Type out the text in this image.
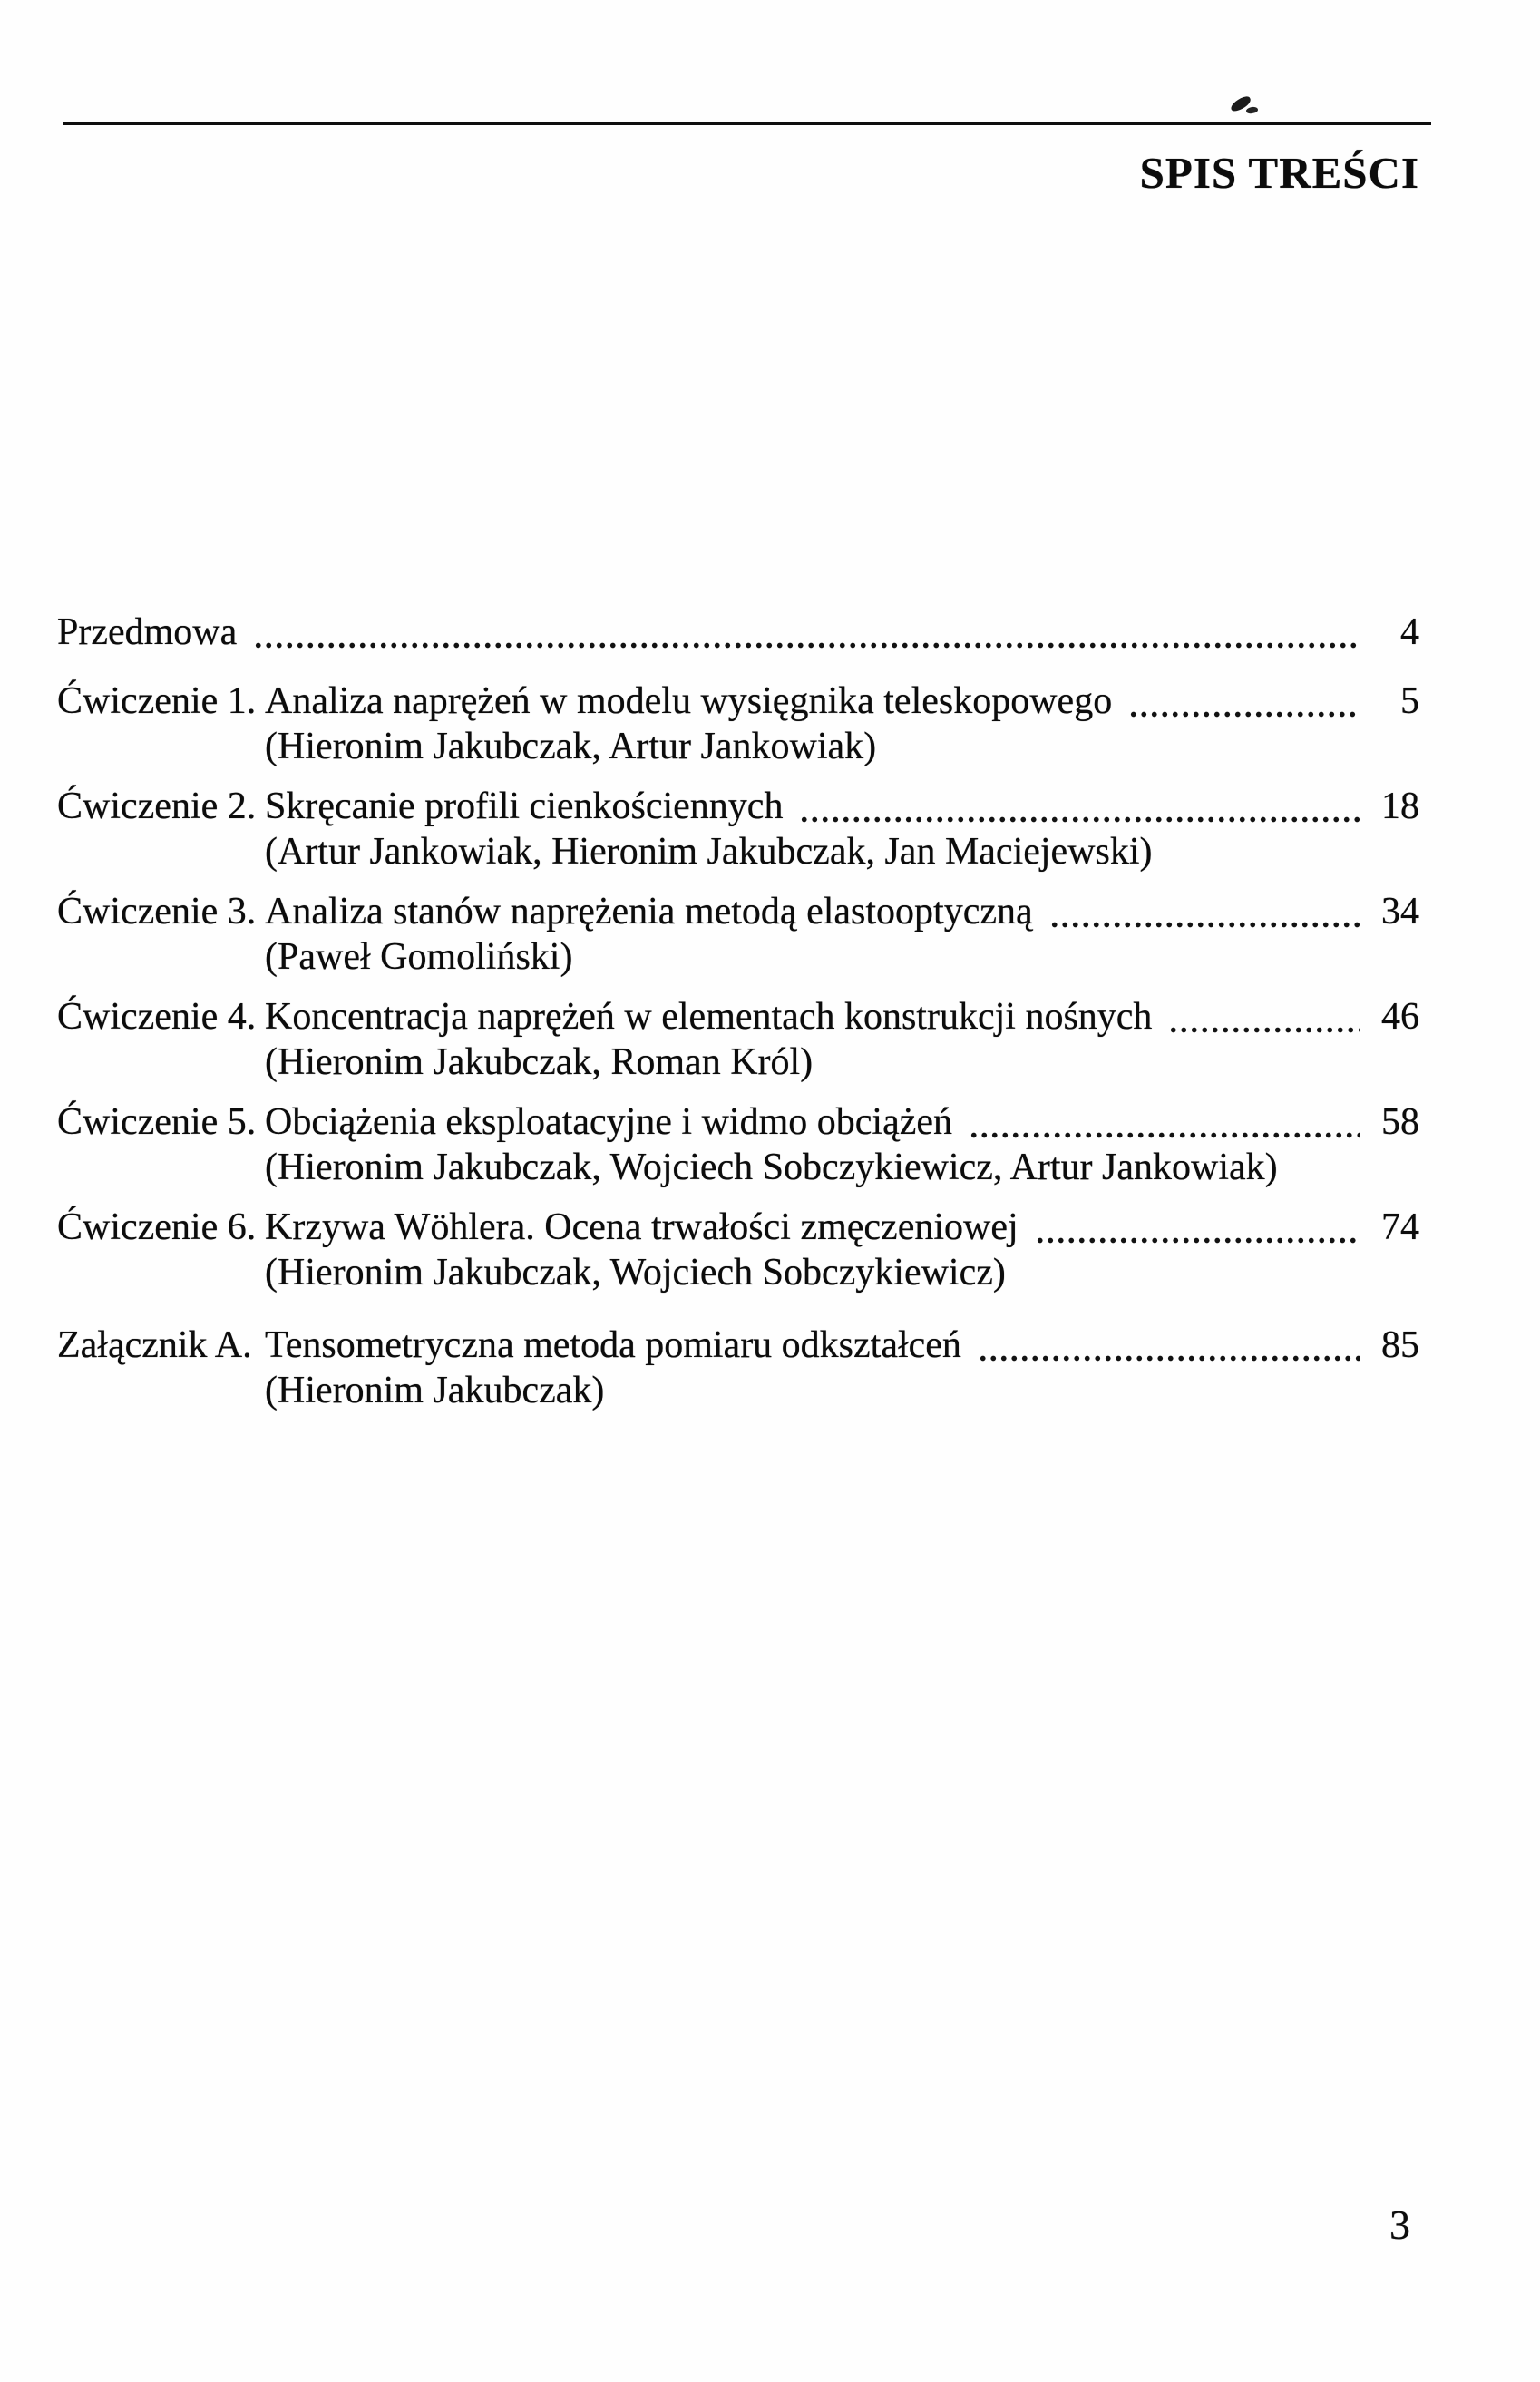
SPIS TREŚCI
Przedmowa	4
Ćwiczenie 1. Analiza naprężeń w modelu wysięgnika teleskopowego	5
(Hieronim Jakubczak, Artur Jankowiak)
Ćwiczenie 2. Skręcanie profili cienkościennych	18
(Artur Jankowiak, Hieronim Jakubczak, Jan Maciejewski)
Ćwiczenie 3. Analiza stanów naprężenia metodą elastooptyczną	34
(Paweł Gomoliński)
Ćwiczenie 4. Koncentracja naprężeń w elementach konstrukcji nośnych	46
(Hieronim Jakubczak, Roman Król)
Ćwiczenie 5. Obciążenia eksploatacyjne i widmo obciążeń	58
(Hieronim Jakubczak, Wojciech Sobczykiewicz, Artur Jankowiak)
Ćwiczenie 6. Krzywa Wöhlera. Ocena trwałości zmęczeniowej	74
(Hieronim Jakubczak, Wojciech Sobczykiewicz)
Załącznik A. Tensometryczna metoda pomiaru odkształceń	85
(Hieronim Jakubczak)
3
